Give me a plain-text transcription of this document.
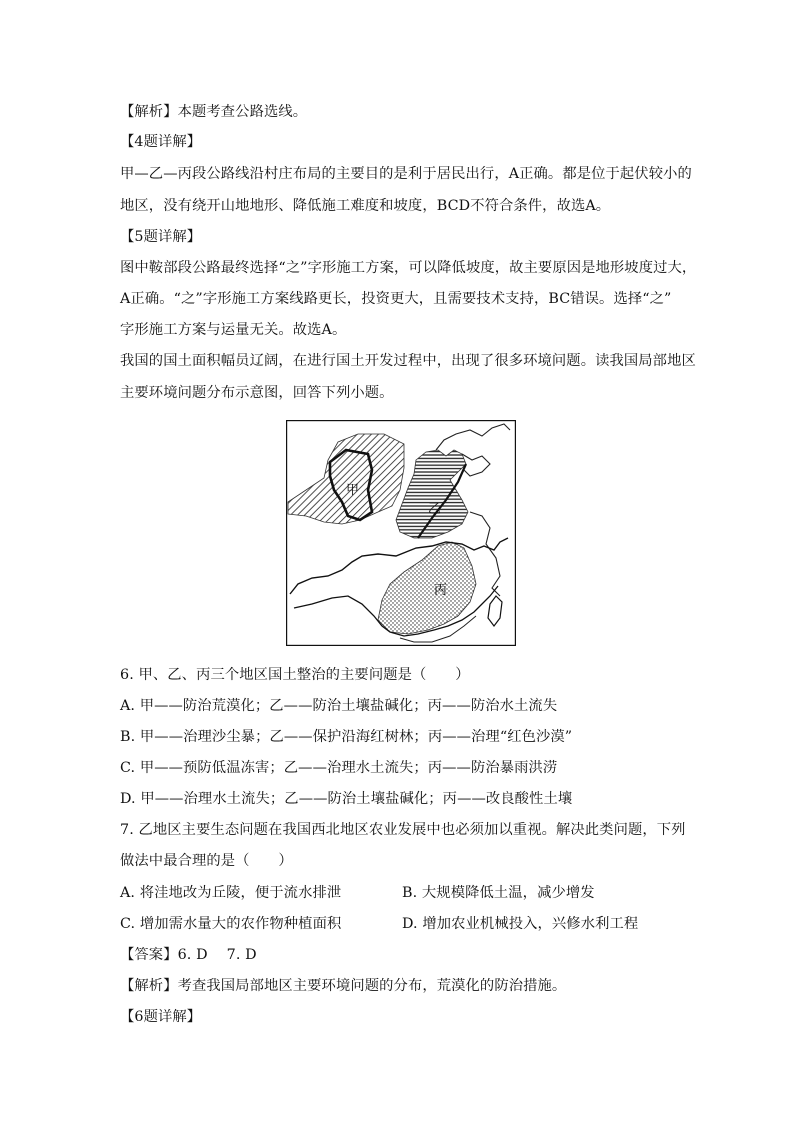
【解析】本题考查公路选线。
【4题详解】
甲—乙—丙段公路线沿村庄布局的主要目的是利于居民出行，A正确。都是位于起伏较小的
地区，没有绕开山地地形、降低施工难度和坡度，BCD不符合条件，故选A。
【5题详解】
图中鞍部段公路最终选择“之”字形施工方案，可以降低坡度，故主要原因是地形坡度过大，
A正确。“之”字形施工方案线路更长，投资更大，且需要技术支持，BC错误。选择“之”
字形施工方案与运量无关。故选A。
我国的国土面积幅员辽阔，在进行国土开发过程中，出现了很多环境问题。读我国局部地区
主要环境问题分布示意图，回答下列小题。
甲
乙
丙
6. 甲、乙、丙三个地区国土整治的主要问题是（　　）
A. 甲——防治荒漠化；乙——防治土壤盐碱化；丙——防治水土流失
B. 甲——治理沙尘暴；乙——保护沿海红树林；丙——治理“红色沙漠”
C. 甲——预防低温冻害；乙——治理水土流失；丙——防治暴雨洪涝
D. 甲——治理水土流失；乙——防治土壤盐碱化；丙——改良酸性土壤
7. 乙地区主要生态问题在我国西北地区农业发展中也必须加以重视。解决此类问题，下列
做法中最合理的是（　　）
A. 将洼地改为丘陵，便于流水排泄	B. 大规模降低土温，减少增发
C. 增加需水量大的农作物种植面积	D. 增加农业机械投入，兴修水利工程
【答案】6. D　 7. D
【解析】考查我国局部地区主要环境问题的分布，荒漠化的防治措施。
【6题详解】
